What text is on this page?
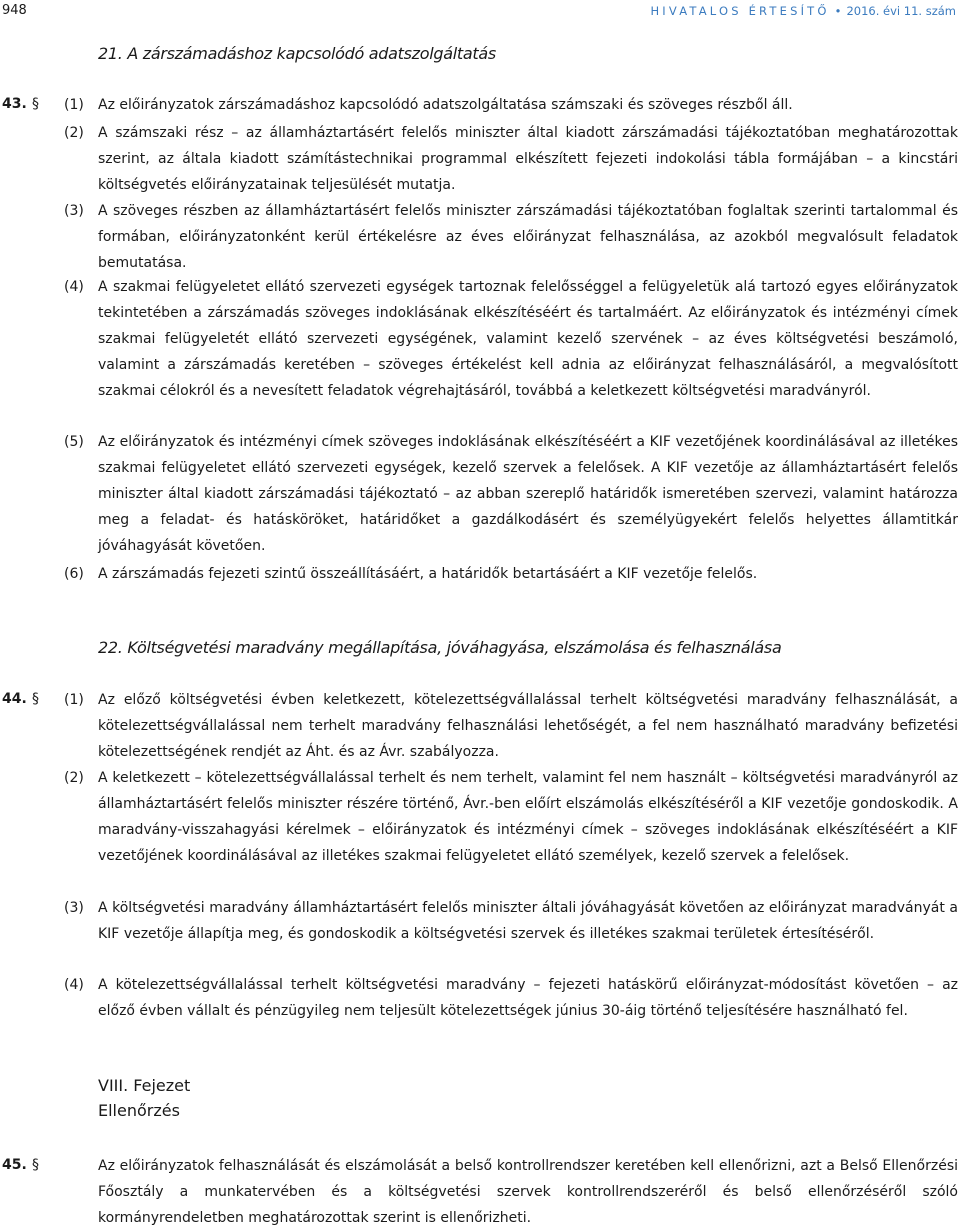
948	HIVATALOS ÉRTESÍTŐ • 2016. évi 11. szám
21. A zárszámadáshoz kapcsolódó adatszolgáltatás
43. § (1) Az előirányzatok zárszámadáshoz kapcsolódó adatszolgáltatása számszaki és szöveges részből áll.
(2) A számszaki rész – az államháztartásért felelős miniszter által kiadott zárszámadási tájékoztatóban meghatározottak szerint, az általa kiadott számítástechnikai programmal elkészített fejezeti indokolási tábla formájában – a kincstári költségvetés előirányzatainak teljesülését mutatja.
(3) A szöveges részben az államháztartásért felelős miniszter zárszámadási tájékoztatóban foglaltak szerinti tartalommal és formában, előirányzatonként kerül értékelésre az éves előirányzat felhasználása, az azokból megvalósult feladatok bemutatása.
(4) A szakmai felügyeletet ellátó szervezeti egységek tartoznak felelősséggel a felügyeletük alá tartozó egyes előirányzatok tekintetében a zárszámadás szöveges indoklásának elkészítéséért és tartalmáért. Az előirányzatok és intézményi címek szakmai felügyeletét ellátó szervezeti egységének, valamint kezelő szervének – az éves költségvetési beszámoló, valamint a zárszámadás keretében – szöveges értékelést kell adnia az előirányzat felhasználásáról, a megvalósított szakmai célokról és a nevesített feladatok végrehajtásáról, továbbá a keletkezett költségvetési maradványról.
(5) Az előirányzatok és intézményi címek szöveges indoklásának elkészítéséért a KIF vezetőjének koordinálásával az illetékes szakmai felügyeletet ellátó szervezeti egységek, kezelő szervek a felelősek. A KIF vezetője az államháztartásért felelős miniszter által kiadott zárszámadási tájékoztató – az abban szereplő határidők ismeretében szervezi, valamint határozza meg a feladat- és hatásköröket, határidőket a gazdálkodásért és személyügyekért felelős helyettes államtitkár jóváhagyását követően.
(6) A zárszámadás fejezeti szintű összeállításáért, a határidők betartásáért a KIF vezetője felelős.
22. Költségvetési maradvány megállapítása, jóváhagyása, elszámolása és felhasználása
44. § (1) Az előző költségvetési évben keletkezett, kötelezettségvállalással terhelt költségvetési maradvány felhasználását, a kötelezettségvállalással nem terhelt maradvány felhasználási lehetőségét, a fel nem használható maradvány befizetési kötelezettségének rendjét az Áht. és az Ávr. szabályozza.
(2) A keletkezett – kötelezettségvállalással terhelt és nem terhelt, valamint fel nem használt – költségvetési maradványról az államháztartásért felelős miniszter részére történő, Ávr.-ben előírt elszámolás elkészítéséről a KIF vezetője gondoskodik. A maradvány-visszahagyási kérelmek – előirányzatok és intézményi címek – szöveges indoklásának elkészítéséért a KIF vezetőjének koordinálásával az illetékes szakmai felügyeletet ellátó személyek, kezelő szervek a felelősek.
(3) A költségvetési maradvány államháztartásért felelős miniszter általi jóváhagyását követően az előirányzat maradványát a KIF vezetője állapítja meg, és gondoskodik a költségvetési szervek és illetékes szakmai területek értesítéséről.
(4) A kötelezettségvállalással terhelt költségvetési maradvány – fejezeti hatáskörű előirányzat-módosítást követően – az előző évben vállalt és pénzügyileg nem teljesült kötelezettségek június 30-áig történő teljesítésére használható fel.
VIII. Fejezet
Ellenőrzés
45. §	Az előirányzatok felhasználását és elszámolását a belső kontrollrendszer keretében kell ellenőrizni, azt a Belső Ellenőrzési Főosztály a munkatervében és a költségvetési szervek kontrollrendszeréről és belső ellenőrzéséről szóló kormányrendeletben meghatározottak szerint is ellenőrizheti.
